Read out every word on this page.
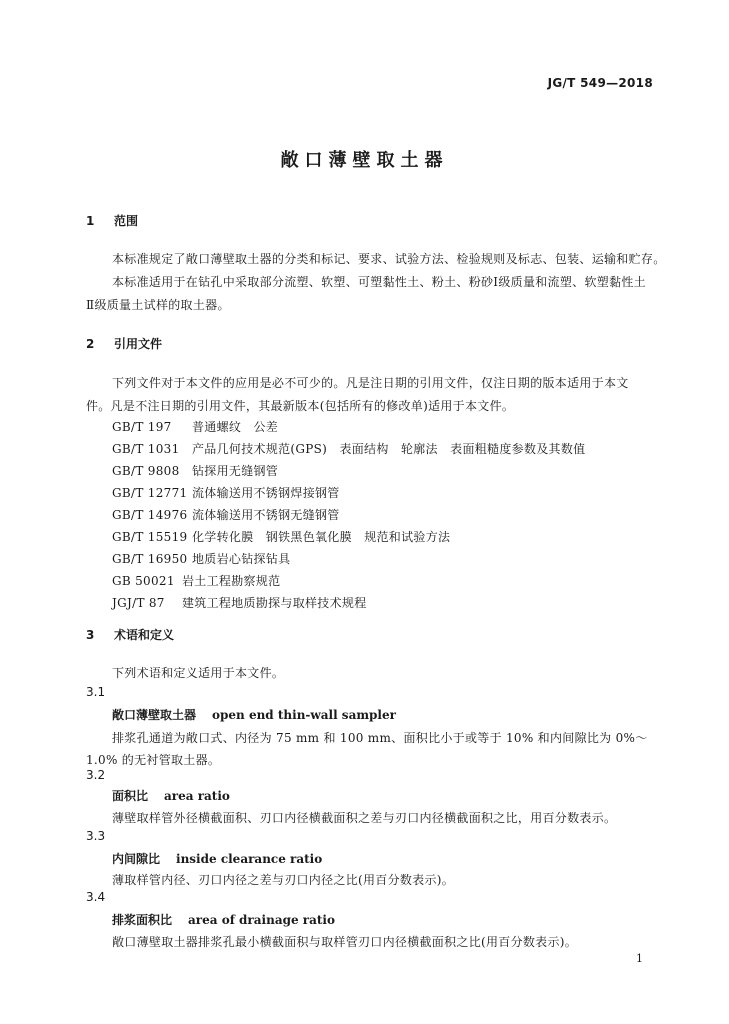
JG/T 549—2018
敞口薄壁取土器
1 范围
本标准规定了敞口薄壁取土器的分类和标记、要求、试验方法、检验规则及标志、包装、运输和贮存。
本标准适用于在钻孔中采取部分流塑、软塑、可塑黏性土、粉土、粉砂Ⅰ级质量和流塑、软塑黏性土
Ⅱ级质量土试样的取土器。
2 引用文件
下列文件对于本文件的应用是必不可少的。凡是注日期的引用文件，仅注日期的版本适用于本文
件。凡是不注日期的引用文件，其最新版本(包括所有的修改单)适用于本文件。
GB/T 197 普通螺纹　公差
GB/T 1031 产品几何技术规范(GPS)　表面结构　轮廓法　表面粗糙度参数及其数值
GB/T 9808 钻探用无缝钢管
GB/T 12771 流体输送用不锈钢焊接钢管
GB/T 14976 流体输送用不锈钢无缝钢管
GB/T 15519 化学转化膜　钢铁黑色氧化膜　规范和试验方法
GB/T 16950 地质岩心钻探钻具
GB 50021 岩土工程勘察规范
JGJ/T 87 建筑工程地质勘探与取样技术规程
3 术语和定义
下列术语和定义适用于本文件。
3.1
敞口薄壁取土器 open end thin-wall sampler
排浆孔通道为敞口式、内径为 75 mm 和 100 mm、面积比小于或等于 10% 和内间隙比为 0%～
1.0% 的无衬管取土器。
3.2
面积比 area ratio
薄壁取样管外径横截面积、刃口内径横截面积之差与刃口内径横截面积之比，用百分数表示。
3.3
内间隙比 inside clearance ratio
薄取样管内径、刃口内径之差与刃口内径之比(用百分数表示)。
3.4
排浆面积比 area of drainage ratio
敞口薄壁取土器排浆孔最小横截面积与取样管刃口内径横截面积之比(用百分数表示)。
1
